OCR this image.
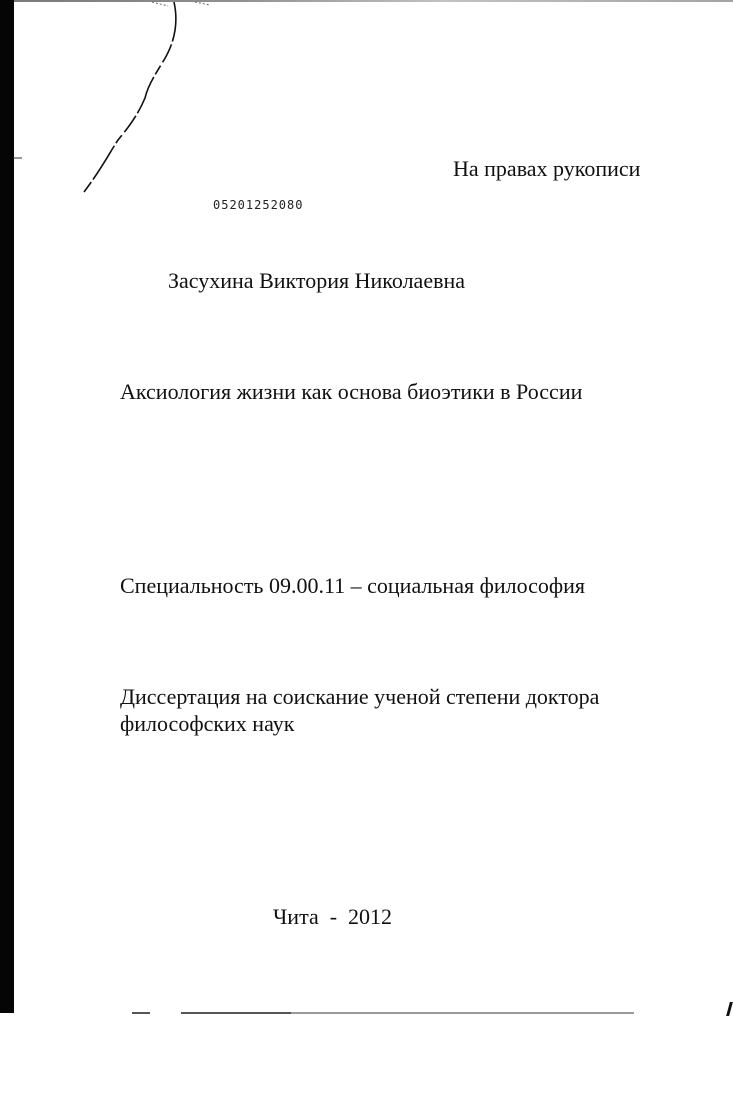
На правах рукописи
05201252080
Засухина Виктория Николаевна
Аксиология жизни как основа биоэтики в России
Специальность 09.00.11 – социальная философия
Диссертация на соискание ученой степени доктора
философских наук
Чита  -  2012
